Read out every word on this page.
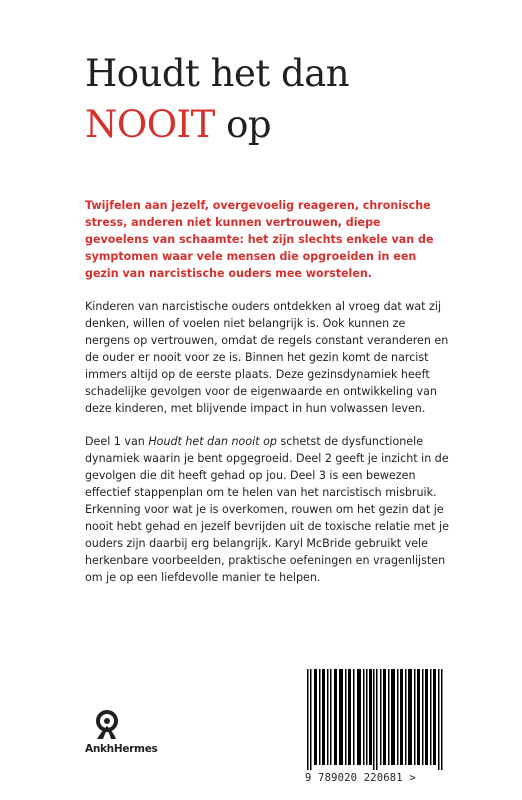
Houdt het dan
NOOIT op

Twijfelen aan jezelf, overgevoelig reageren, chronische stress, anderen niet kunnen vertrouwen, diepe gevoelens van schaamte: het zijn slechts enkele van de symptomen waar vele mensen die opgroeiden in een gezin van narcistische ouders mee worstelen.

Kinderen van narcistische ouders ontdekken al vroeg dat wat zij denken, willen of voelen niet belangrijk is. Ook kunnen ze nergens op vertrouwen, omdat de regels constant veranderen en de ouder er nooit voor ze is. Binnen het gezin komt de narcist immers altijd op de eerste plaats. Deze gezinsdynamiek heeft schadelijke gevolgen voor de eigenwaarde en ontwikkeling van deze kinderen, met blijvende impact in hun volwassen leven.

Deel 1 van Houdt het dan nooit op schetst de dysfunctionele dynamiek waarin je bent opgegroeid. Deel 2 geeft je inzicht in de gevolgen die dit heeft gehad op jou. Deel 3 is een bewezen effectief stappenplan om te helen van het narcistisch misbruik. Erkenning voor wat je is overkomen, rouwen om het gezin dat je nooit hebt gehad en jezelf bevrijden uit de toxische relatie met je ouders zijn daarbij erg belangrijk. Karyl McBride gebruikt vele herkenbare voorbeelden, praktische oefeningen en vragenlijsten om je op een liefdevolle manier te helpen.

AnkhHermes
9 789020 220681 >
